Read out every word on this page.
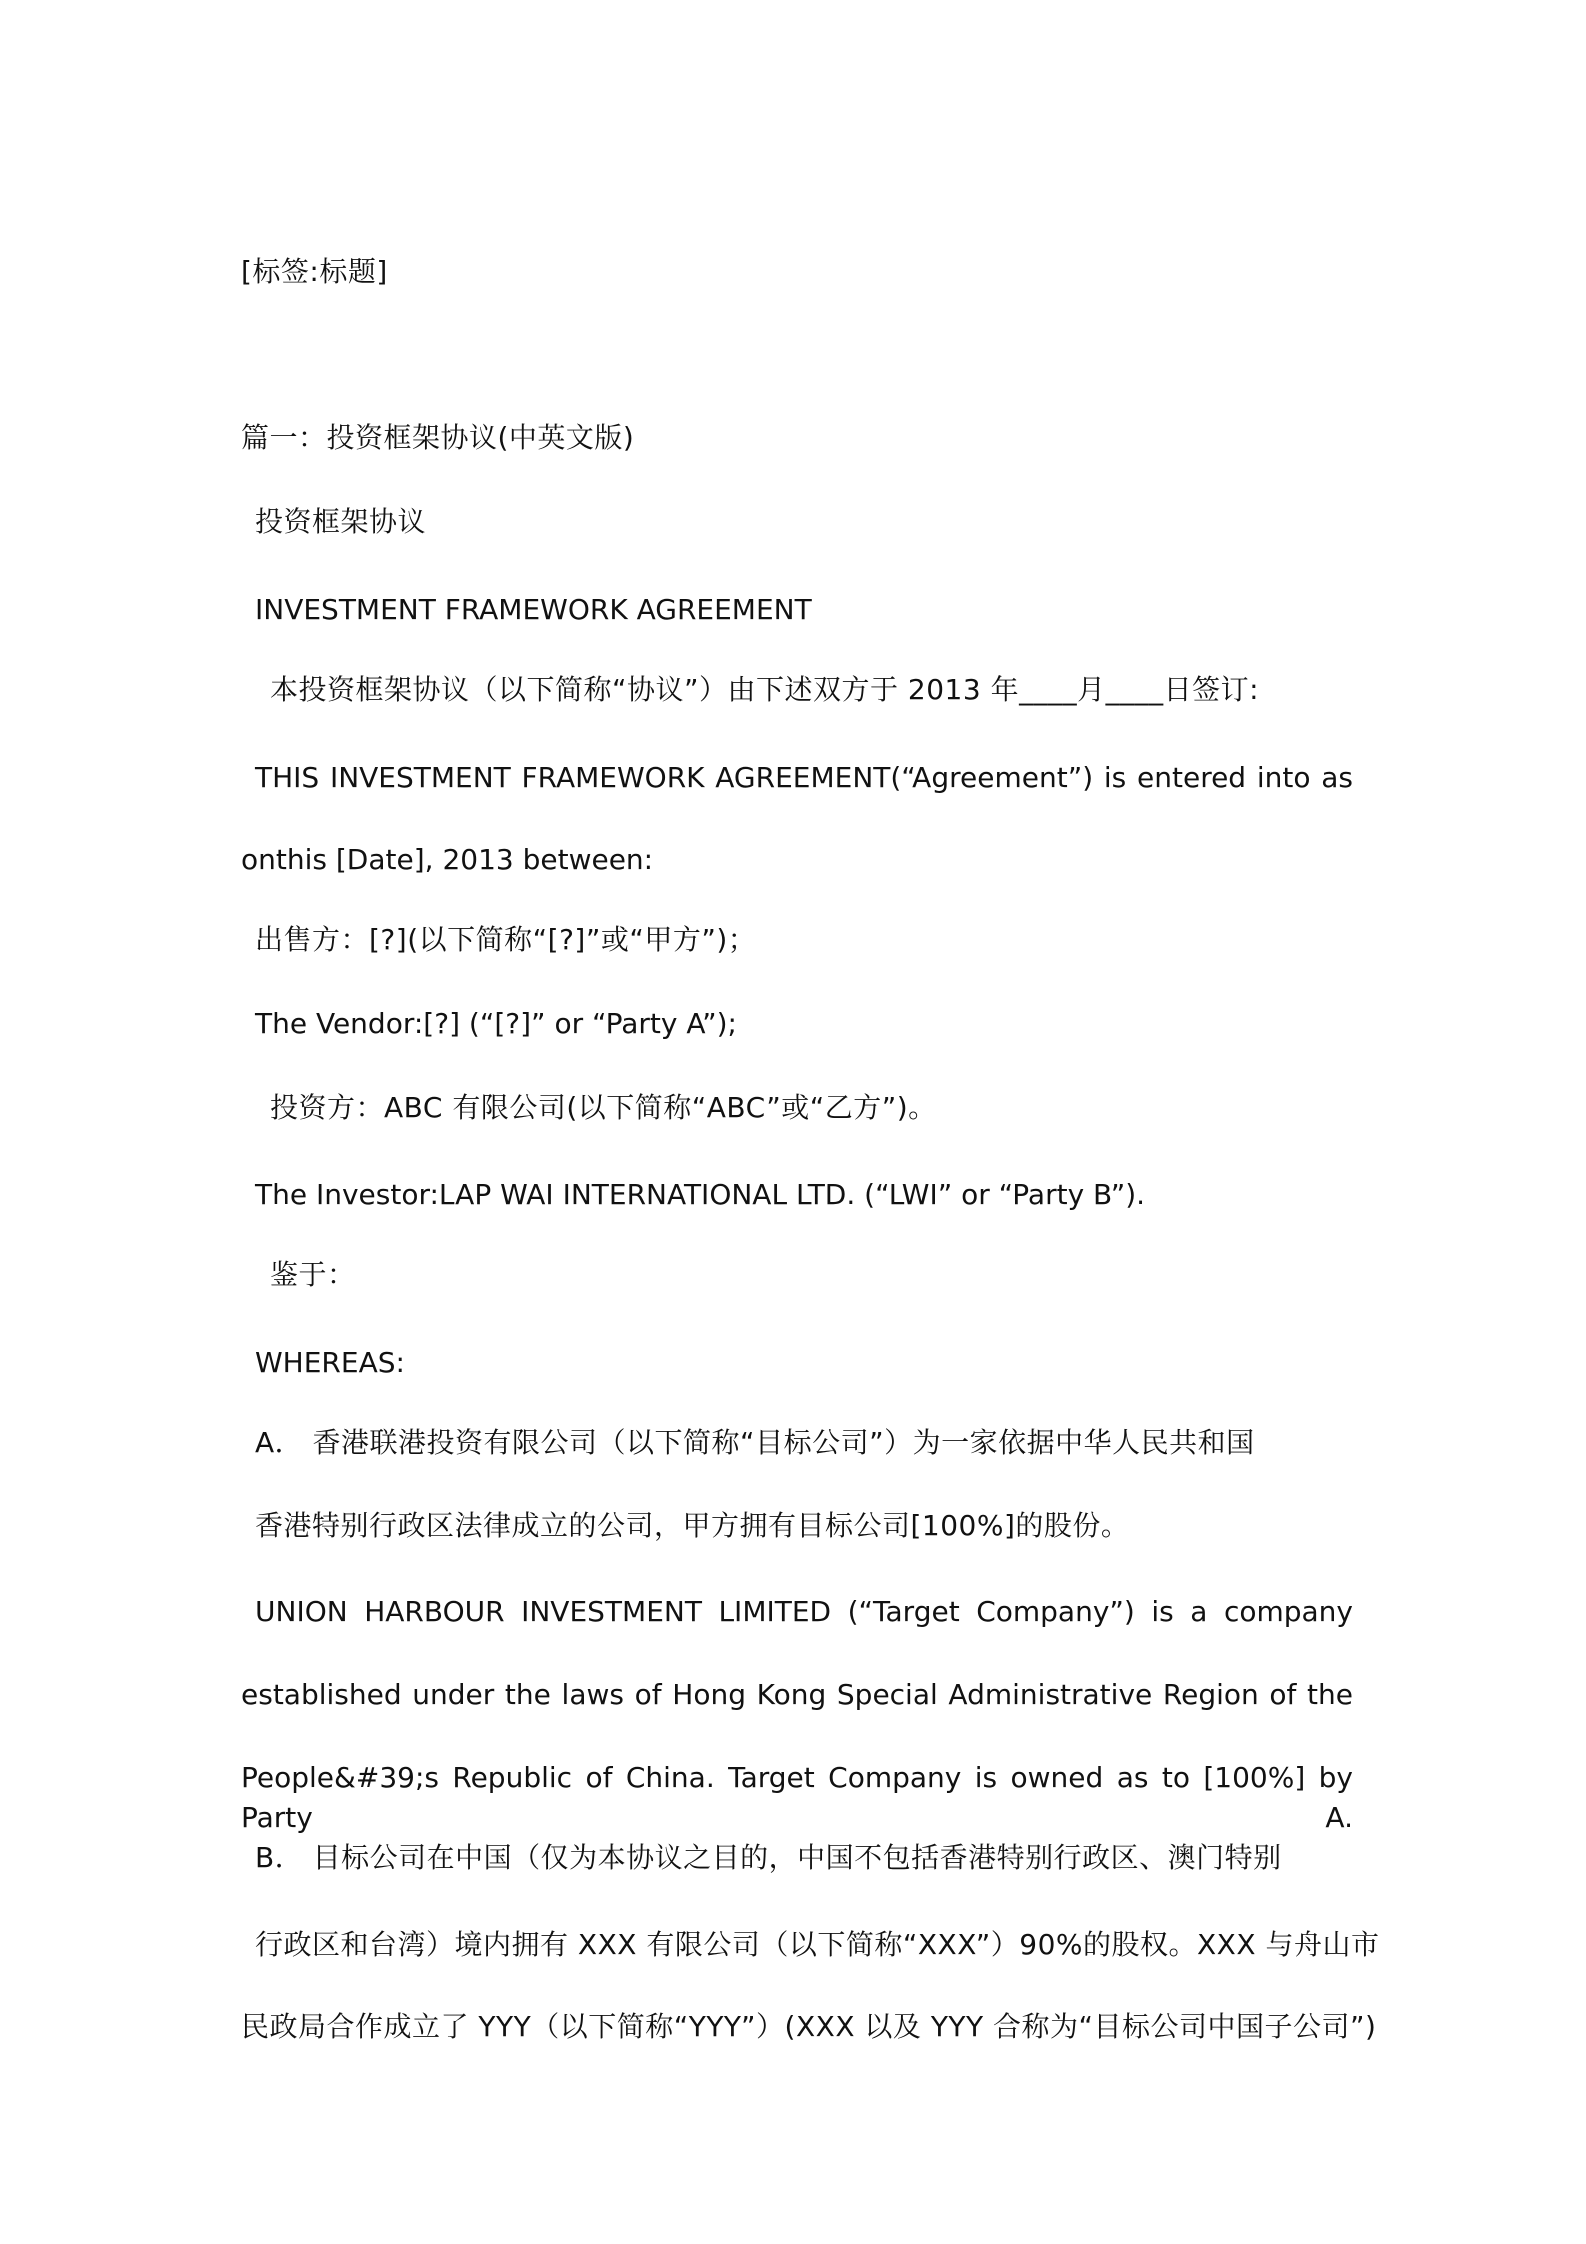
[标签:标题]
篇一：投资框架协议(中英文版)
投资框架协议
INVESTMENT FRAMEWORK AGREEMENT
本投资框架协议（以下简称“协议”）由下述双方于 2013 年____月____日签订:
THIS INVESTMENT FRAMEWORK AGREEMENT(“Agreement”) is entered into as
onthis [Date], 2013 between:
出售方：[?](以下简称“[?]”或“甲方”)；
The Vendor:[?] (“[?]” or “Party A”);
投资方：ABC 有限公司(以下简称“ABC”或“乙方”)。
The Investor:LAP WAI INTERNATIONAL LTD. (“LWI” or “Party B”).
鉴于：
WHEREAS:
A． 香港联港投资有限公司（以下简称“目标公司”）为一家依据中华人民共和国
香港特别行政区法律成立的公司，甲方拥有目标公司[100%]的股份。
UNION HARBOUR INVESTMENT LIMITED (“Target Company”) is a company
established under the laws of Hong Kong Special Administrative Region of the
People&#39;s Republic of China. Target Company is owned as to [100%] by Party A.
B． 目标公司在中国（仅为本协议之目的，中国不包括香港特别行政区、澳门特别
行政区和台湾）境内拥有 XXX 有限公司（以下简称“XXX”）90%的股权。XXX 与舟山市
民政局合作成立了 YYY（以下简称“YYY”）(XXX 以及 YYY 合称为“目标公司中国子公司”)
